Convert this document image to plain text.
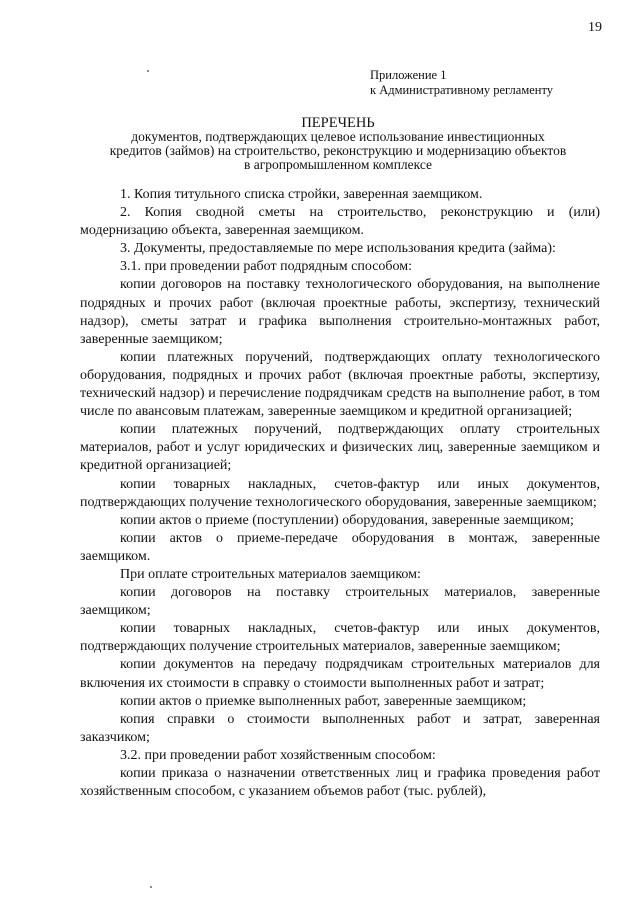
19
Приложение 1
к Административному регламенту
ПЕРЕЧЕНЬ
документов, подтверждающих целевое использование инвестиционных
кредитов (займов) на строительство, реконструкцию и модернизацию объектов
в агропромышленном комплексе

1. Копия титульного списка стройки, заверенная заемщиком.

2. Копия сводной сметы на строительство, реконструкцию и (или) модернизацию объекта, заверенная заемщиком.

3. Документы, предоставляемые по мере использования кредита (займа):

3.1. при проведении работ подрядным способом:

копии договоров на поставку технологического оборудования, на выполнение подрядных и прочих работ (включая проектные работы, экспертизу, технический надзор), сметы затрат и графика выполнения строительно-монтажных работ, заверенные заемщиком;

копии платежных поручений, подтверждающих оплату технологического оборудования, подрядных и прочих работ (включая проектные работы, экспертизу, технический надзор) и перечисление подрядчикам средств на выполнение работ, в том числе по авансовым платежам, заверенные заемщиком и кредитной организацией;

копии платежных поручений, подтверждающих оплату строительных материалов, работ и услуг юридических и физических лиц, заверенные заемщиком и кредитной организацией;

копии товарных накладных, счетов-фактур или иных документов, подтверждающих получение технологического оборудования, заверенные заемщиком;

копии актов о приеме (поступлении) оборудования, заверенные заемщиком;

копии актов о приеме-передаче оборудования в монтаж, заверенные заемщиком.

При оплате строительных материалов заемщиком:

копии договоров на поставку строительных материалов, заверенные заемщиком;

копии товарных накладных, счетов-фактур или иных документов, подтверждающих получение строительных материалов, заверенные заемщиком;

копии документов на передачу подрядчикам строительных материалов для включения их стоимости в справку о стоимости выполненных работ и затрат;

копии актов о приемке выполненных работ, заверенные заемщиком;

копия справки о стоимости выполненных работ и затрат, заверенная заказчиком;

3.2. при проведении работ хозяйственным способом:

копии приказа о назначении ответственных лиц и графика проведения работ хозяйственным способом, с указанием объемов работ (тыс. рублей),
